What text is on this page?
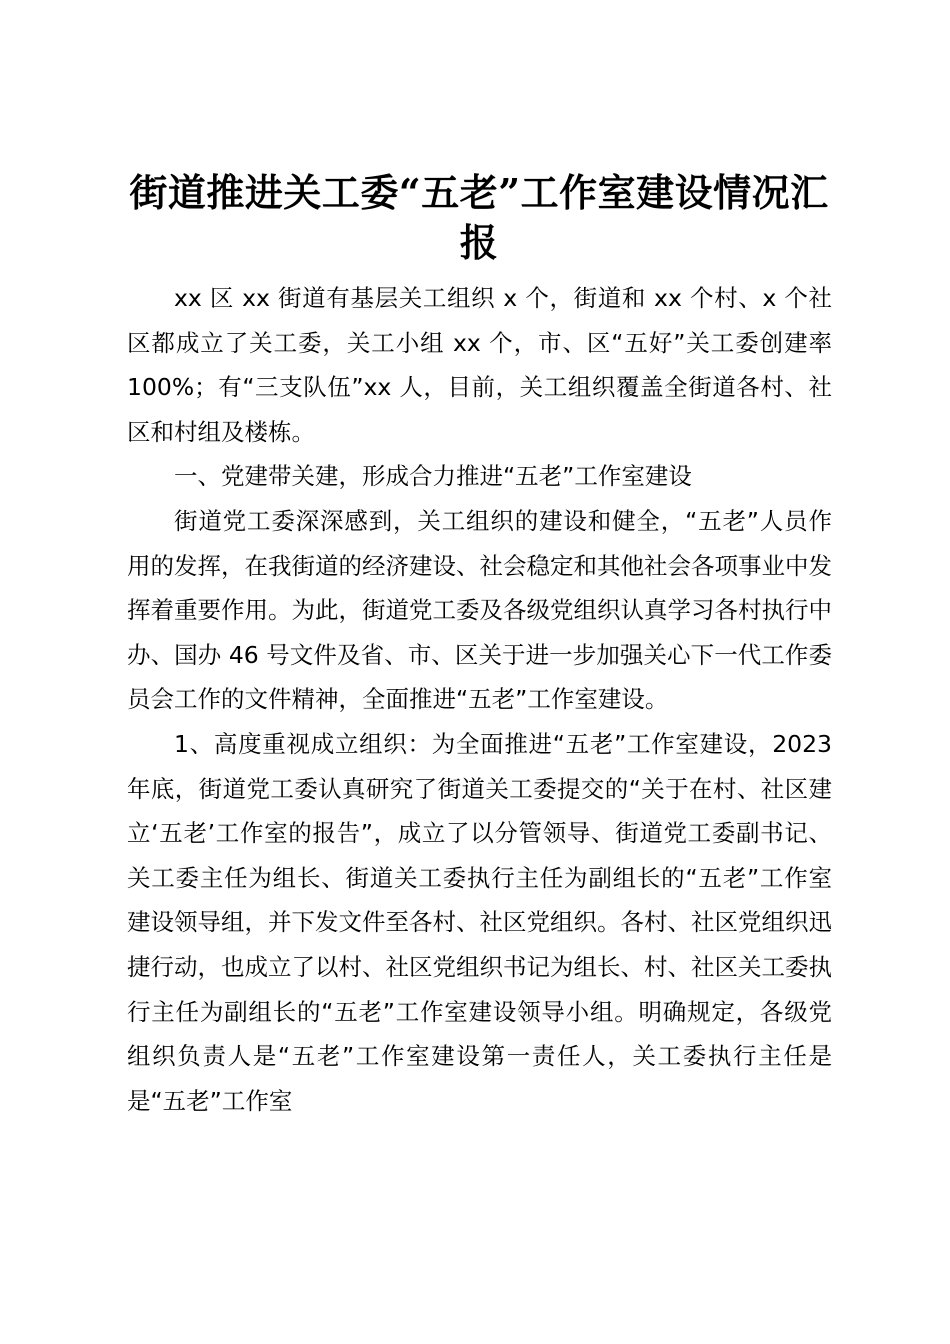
街道推进关工委“五老”工作室建设情况汇报

xx 区 xx 街道有基层关工组织 x 个，街道和 xx 个村、x 个社区都成立了关工委，关工小组 xx 个，市、区“五好”关工委创建率 100%；有“三支队伍”xx 人，目前，关工组织覆盖全街道各村、社区和村组及楼栋。

一、党建带关建，形成合力推进“五老”工作室建设

街道党工委深深感到，关工组织的建设和健全，“五老”人员作用的发挥，在我街道的经济建设、社会稳定和其他社会各项事业中发挥着重要作用。为此，街道党工委及各级党组织认真学习各村执行中办、国办 46 号文件及省、市、区关于进一步加强关心下一代工作委员会工作的文件精神，全面推进“五老”工作室建设。

1、高度重视成立组织：为全面推进“五老”工作室建设，2023 年底，街道党工委认真研究了街道关工委提交的“关于在村、社区建立‘五老’工作室的报告”，成立了以分管领导、街道党工委副书记、关工委主任为组长、街道关工委执行主任为副组长的“五老”工作室建设领导组，并下发文件至各村、社区党组织。各村、社区党组织迅捷行动，也成立了以村、社区党组织书记为组长、村、社区关工委执行主任为副组长的“五老”工作室建设领导小组。明确规定，各级党组织负责人是“五老”工作室建设第一责任人，关工委执行主任是是“五老”工作室
